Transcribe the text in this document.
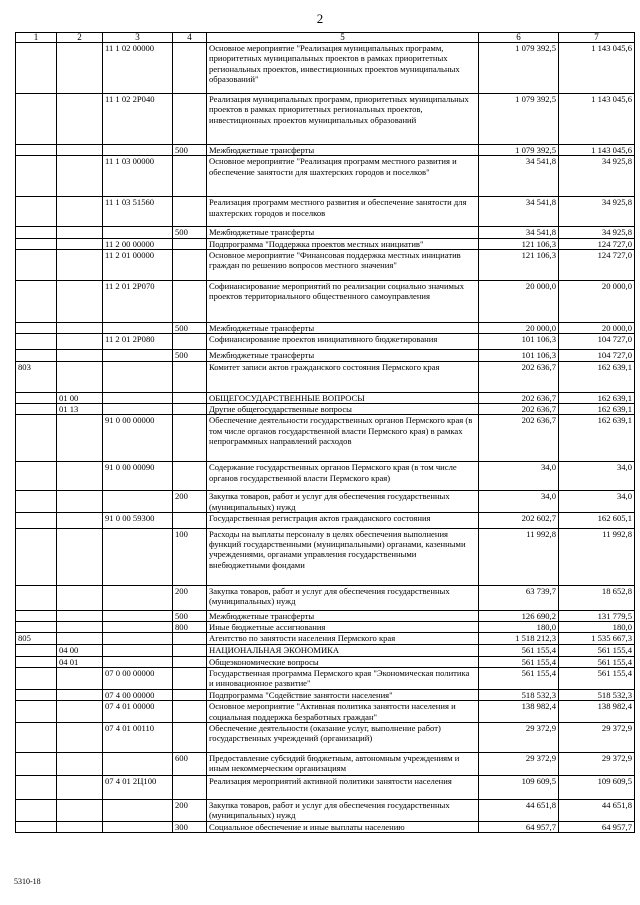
2
1	2	3	4	5	6	7
		11 1 02 00000		Основное мероприятие "Реализация муниципальных программ, приоритетных муниципальных проектов в рамках приоритетных региональных проектов, инвестиционных проектов муниципальных образований"	1 079 392,5	1 143 045,6
		11 1 02 2P040		Реализация муниципальных программ, приоритетных муниципальных проектов в рамках приоритетных региональных проектов, инвестиционных проектов муниципальных образований	1 079 392,5	1 143 045,6
			500	Межбюджетные трансферты	1 079 392,5	1 143 045,6
		11 1 03 00000		Основное мероприятие "Реализация программ местного развития и обеспечение занятости для шахтерских городов и поселков"	34 541,8	34 925,8
		11 1 03 51560		Реализация программ местного развития и обеспечение занятости для шахтерских городов и поселков	34 541,8	34 925,8
			500	Межбюджетные трансферты	34 541,8	34 925,8
		11 2 00 00000		Подпрограмма "Поддержка проектов местных инициатив"	121 106,3	124 727,0
		11 2 01 00000		Основное мероприятие "Финансовая поддержка местных инициатив граждан по решению вопросов местного значения"	121 106,3	124 727,0
		11 2 01 2P070		Софинансирование мероприятий по реализации социально значимых проектов территориального общественного самоуправления	20 000,0	20 000,0
			500	Межбюджетные трансферты	20 000,0	20 000,0
		11 2 01 2P080		Софинансирование проектов инициативного бюджетирования	101 106,3	104 727,0
			500	Межбюджетные трансферты	101 106,3	104 727,0
803				Комитет записи актов гражданского состояния Пермского края	202 636,7	162 639,1
	01 00			ОБЩЕГОСУДАРСТВЕННЫЕ ВОПРОСЫ	202 636,7	162 639,1
	01 13			Другие общегосударственные вопросы	202 636,7	162 639,1
		91 0 00 00000		Обеспечение деятельности государственных органов Пермского края (в том числе органов государственной власти Пермского края) в рамках непрограммных направлений расходов	202 636,7	162 639,1
		91 0 00 00090		Содержание государственных органов Пермского края (в том числе органов государственной власти Пермского края)	34,0	34,0
			200	Закупка товаров, работ и услуг для обеспечения государственных (муниципальных) нужд	34,0	34,0
		91 0 00 59300		Государственная регистрация актов гражданского состояния	202 602,7	162 605,1
			100	Расходы на выплаты персоналу в целях обеспечения выполнения функций государственными (муниципальными) органами, казенными учреждениями, органами управления государственными внебюджетными фондами	11 992,8	11 992,8
			200	Закупка товаров, работ и услуг для обеспечения государственных (муниципальных) нужд	63 739,7	18 652,8
			500	Межбюджетные трансферты	126 690,2	131 779,5
			800	Иные бюджетные ассигнования	180,0	180,0
805				Агентство по занятости населения Пермского края	1 518 212,3	1 535 667,3
	04 00			НАЦИОНАЛЬНАЯ ЭКОНОМИКА	561 155,4	561 155,4
	04 01			Общеэкономические вопросы	561 155,4	561 155,4
		07 0 00 00000		Государственная программа Пермского края "Экономическая политика и инновационное развитие"	561 155,4	561 155,4
		07 4 00 00000		Подпрограмма "Содействие занятости населения"	518 532,3	518 532,3
		07 4 01 00000		Основное мероприятие "Активная политика занятости населения и социальная поддержка безработных граждан"	138 982,4	138 982,4
		07 4 01 00110		Обеспечение деятельности (оказание услуг, выполнение работ) государственных учреждений (организаций)	29 372,9	29 372,9
			600	Предоставление субсидий бюджетным, автономным учреждениям и иным некоммерческим организациям	29 372,9	29 372,9
		07 4 01 2Ц100		Реализация мероприятий активной политики занятости населения	109 609,5	109 609,5
			200	Закупка товаров, работ и услуг для обеспечения государственных (муниципальных) нужд	44 651,8	44 651,8
			300	Социальное обеспечение и иные выплаты населению	64 957,7	64 957,7
5310-18
